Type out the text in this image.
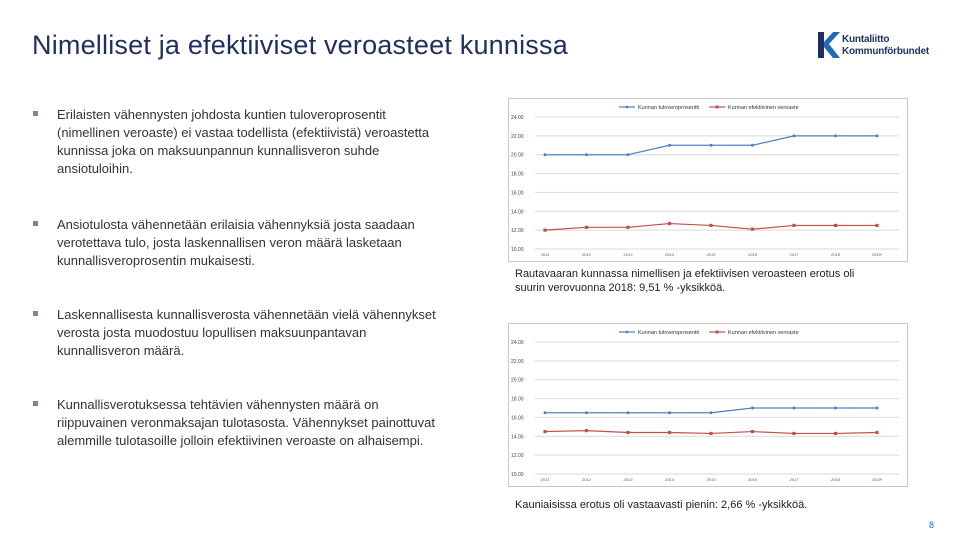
Nimelliset ja efektiiviset veroasteet kunnissa	Kuntaliitto
Kommunförbundet
Erilaisten vähennysten johdosta kuntien tuloveroprosentit (nimellinen veroaste) ei vastaa todellista (efektiivistä) veroastetta kunnissa joka on maksuunpannun kunnallisveron suhde ansiotuloihin.
Ansiotulosta vähennetään erilaisia vähennyksiä josta saadaan verotettava tulo, josta laskennallisen veron määrä lasketaan kunnallisveroprosentin mukaisesti.
Laskennallisesta kunnallisverosta vähennetään vielä vähennykset verosta josta muodostuu lopullisen maksuunpantavan kunnallisveron määrä.
Kunnallisverotuksessa tehtävien vähennysten määrä on riippuvainen veronmaksajan tulotasosta. Vähennykset painottuvat alemmille tulotasoille jolloin efektiivinen veroaste on alhaisempi.
24.00
22.00
20.00
18.00
16.00
14.00
12.00
10.00
2011	2012	2013	2014	2015	2016	2017	2018	2019*
Kunnan tuloveroprosentti	Kunnan efektiivinen veroaste
Rautavaaran kunnassa nimellisen ja efektiivisen veroasteen erotus oli suurin verovuonna 2018: 9,51 % -yksikköä.
24.00
22.00
20.00
18.00
16.00
14.00
12.00
10.00
2011	2012	2013	2014	2015	2016	2017	2018	2019*
Kunnan tuloveroprosentti	Kunnan efektiivinen veroaste
Kauniaisissa erotus oli vastaavasti pienin: 2,66 % -yksikköä.
8
